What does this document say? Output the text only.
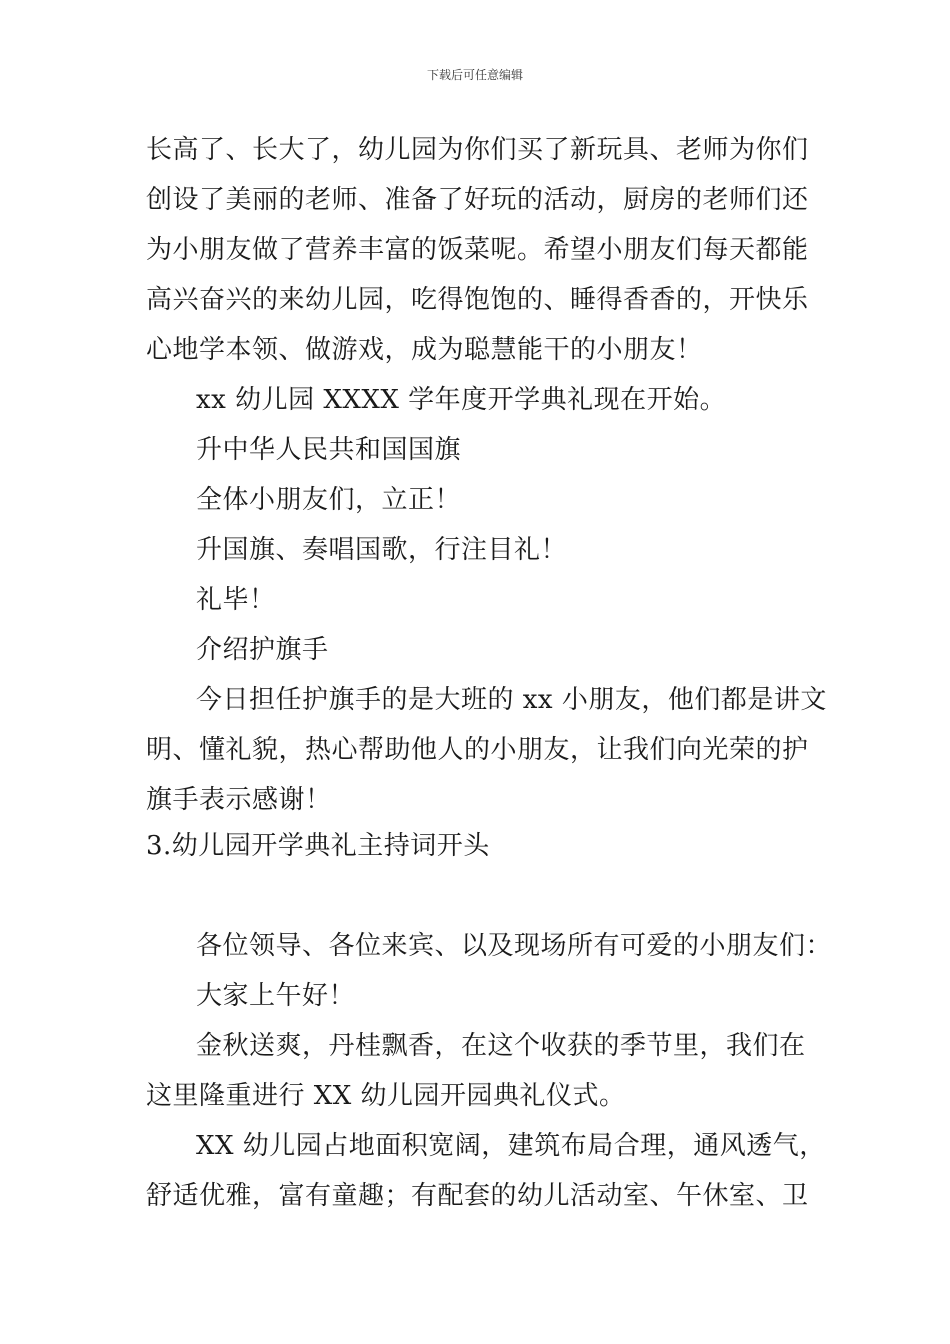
下载后可任意编辑
长高了、长大了，幼儿园为你们买了新玩具、老师为你们
创设了美丽的老师、准备了好玩的活动，厨房的老师们还
为小朋友做了营养丰富的饭菜呢。希望小朋友们每天都能
高兴奋兴的来幼儿园，吃得饱饱的、睡得香香的，开快乐
心地学本领、做游戏，成为聪慧能干的小朋友！
xx 幼儿园 XXXX 学年度开学典礼现在开始。
升中华人民共和国国旗
全体小朋友们，立正！
升国旗、奏唱国歌，行注目礼！
礼毕！
介绍护旗手
今日担任护旗手的是大班的 xx 小朋友，他们都是讲文
明、懂礼貌，热心帮助他人的小朋友，让我们向光荣的护
旗手表示感谢！
3.幼儿园开学典礼主持词开头
各位领导、各位来宾、以及现场所有可爱的小朋友们：
大家上午好！
金秋送爽，丹桂飘香，在这个收获的季节里，我们在
这里隆重进行 XX 幼儿园开园典礼仪式。
XX 幼儿园占地面积宽阔，建筑布局合理，通风透气，
舒适优雅，富有童趣；有配套的幼儿活动室、午休室、卫
